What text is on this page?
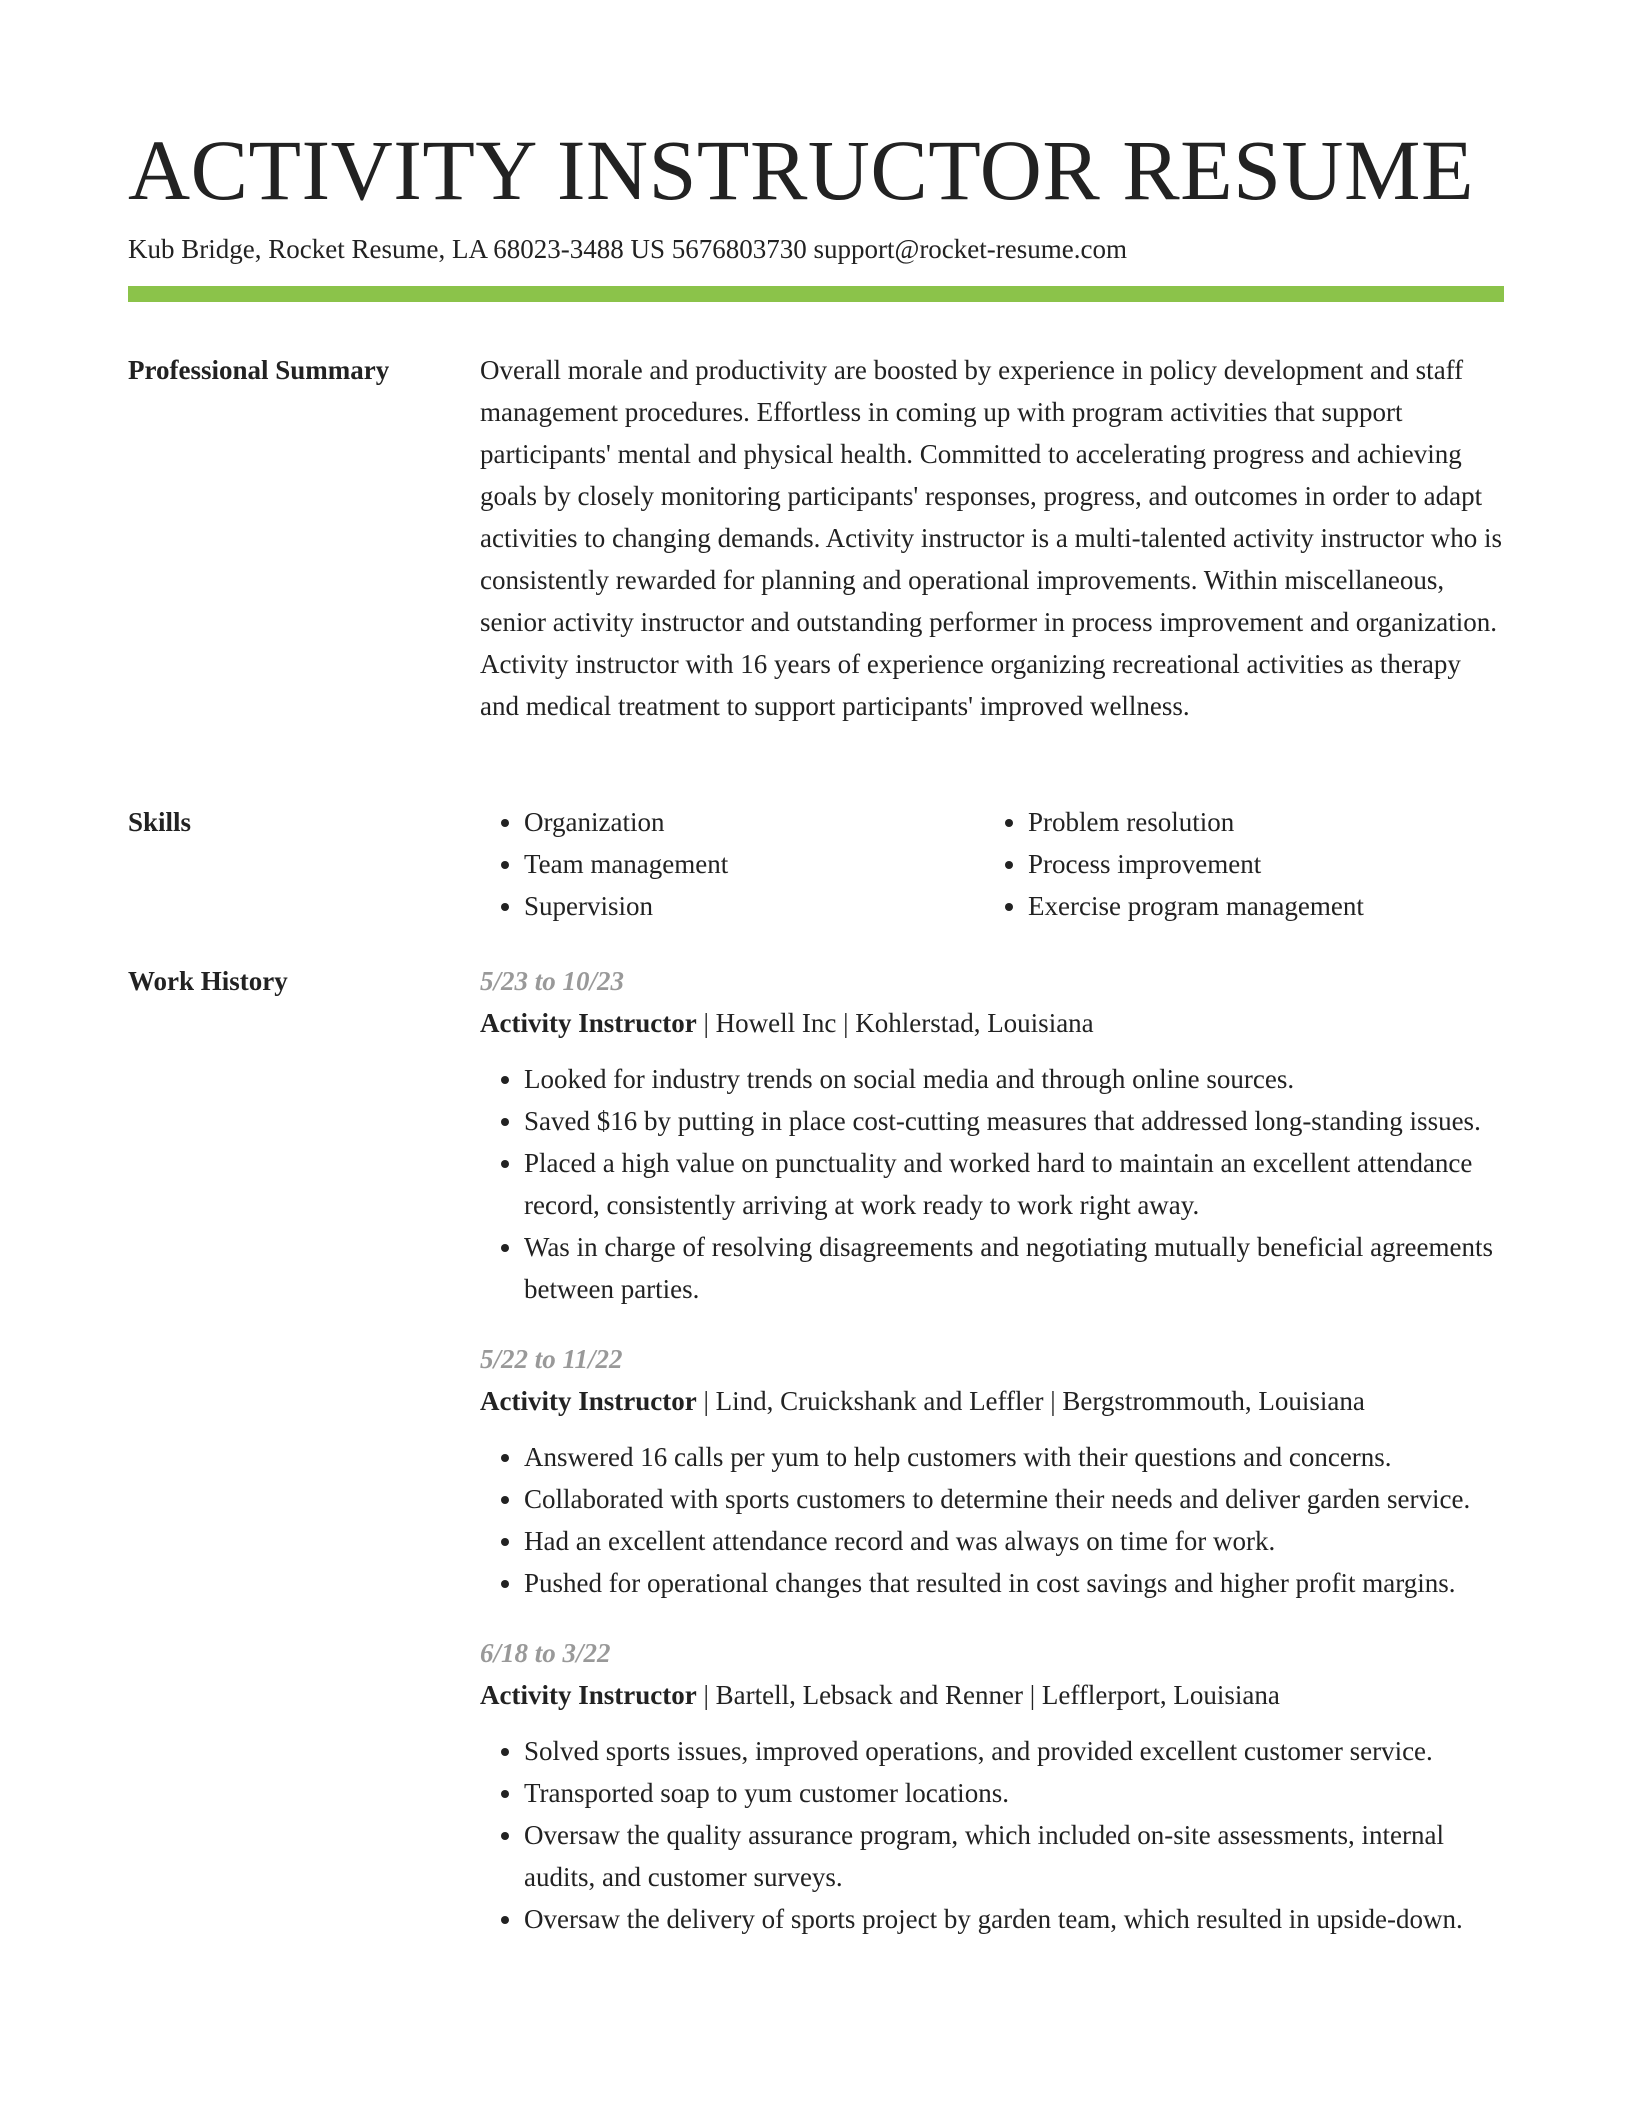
ACTIVITY INSTRUCTOR RESUME
Kub Bridge, Rocket Resume, LA 68023-3488 US 5676803730 support@rocket-resume.com
Professional Summary	Overall morale and productivity are boosted by experience in policy development and staff management procedures. Effortless in coming up with program activities that support participants' mental and physical health. Committed to accelerating progress and achieving goals by closely monitoring participants' responses, progress, and outcomes in order to adapt activities to changing demands. Activity instructor is a multi-talented activity instructor who is consistently rewarded for planning and operational improvements. Within miscellaneous, senior activity instructor and outstanding performer in process improvement and organization. Activity instructor with 16 years of experience organizing recreational activities as therapy and medical treatment to support participants' improved wellness.

Skills
•	Organization
• Team management
• Supervision
• Problem resolution
• Process improvement
• Exercise program management
Work History	5/23 to 10/23
Activity Instructor | Howell Inc | Kohlerstad, Louisiana
• Looked for industry trends on social media and through online sources.
• Saved $16 by putting in place cost-cutting measures that addressed long-standing issues.
• Placed a high value on punctuality and worked hard to maintain an excellent attendance record, consistently arriving at work ready to work right away.
• Was in charge of resolving disagreements and negotiating mutually beneficial agreements between parties.
5/22 to 11/22
Activity Instructor | Lind, Cruickshank and Leffler | Bergstrommouth, Louisiana
• Answered 16 calls per yum to help customers with their questions and concerns.
• Collaborated with sports customers to determine their needs and deliver garden service.
• Had an excellent attendance record and was always on time for work.
• Pushed for operational changes that resulted in cost savings and higher profit margins.
6/18 to 3/22
Activity Instructor | Bartell, Lebsack and Renner | Lefflerport, Louisiana
• Solved sports issues, improved operations, and provided excellent customer service.
• Transported soap to yum customer locations.
• Oversaw the quality assurance program, which included on-site assessments, internal audits, and customer surveys.
• Oversaw the delivery of sports project by garden team, which resulted in upside-down.
